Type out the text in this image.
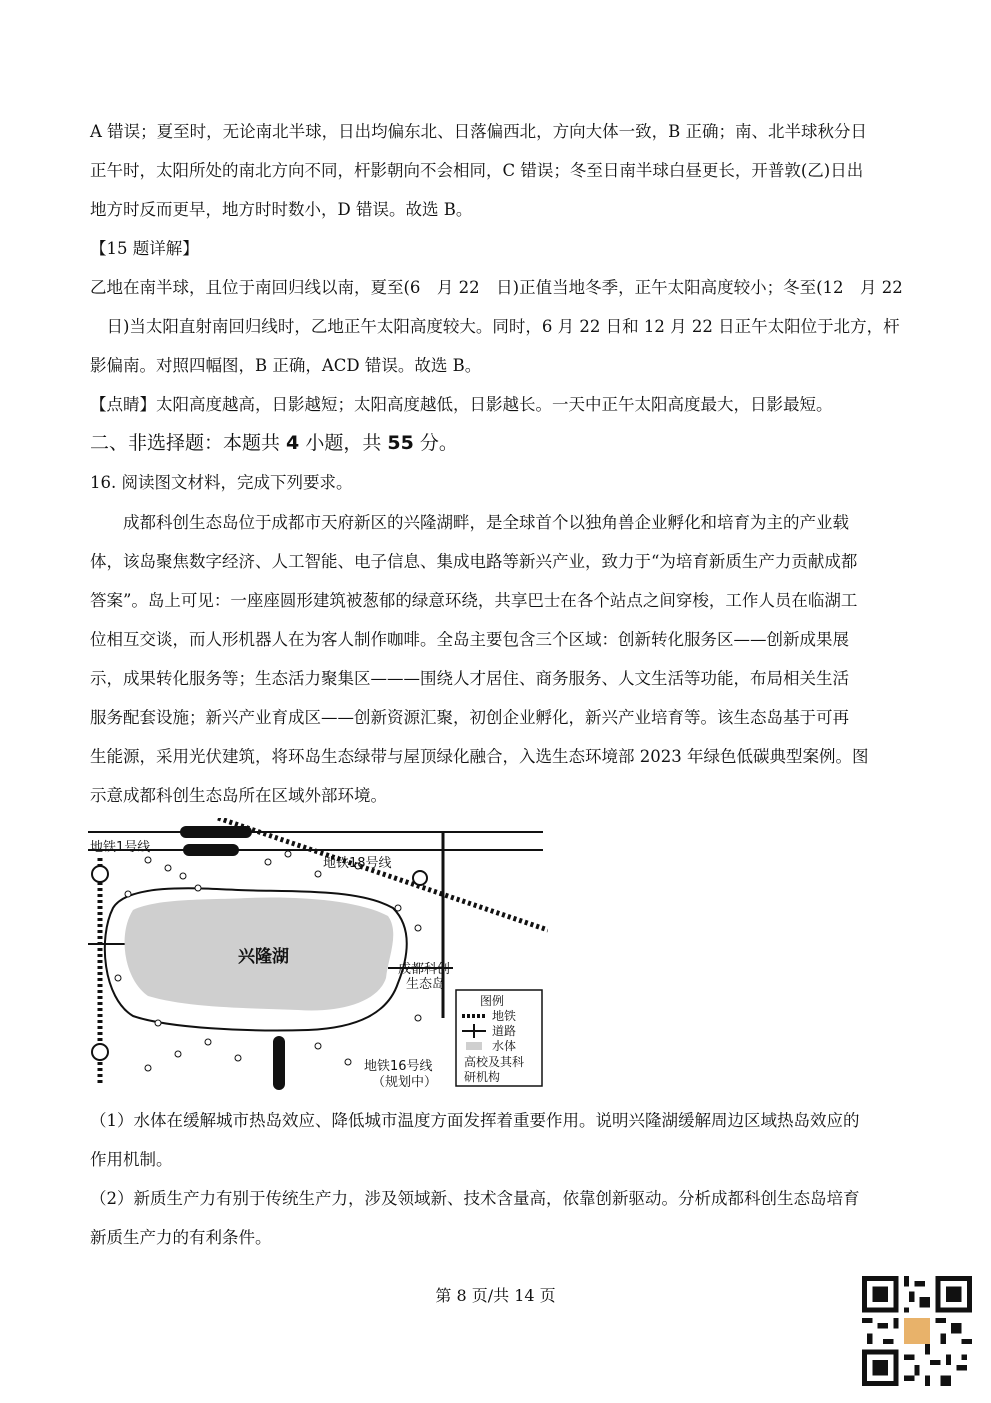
A 错误；夏至时，无论南北半球，日出均偏东北、日落偏西北，方向大体一致，B 正确；南、北半球秋分日
正午时，太阳所处的南北方向不同，杆影朝向不会相同，C 错误；冬至日南半球白昼更长，开普敦(乙)日出
地方时反而更早，地方时时数小，D 错误。故选 B。
【15 题详解】
乙地在南半球，且位于南回归线以南，夏至(6　月 22　日)正值当地冬季，正午太阳高度较小；冬至(12　月 22
　日)当太阳直射南回归线时，乙地正午太阳高度较大。同时，6 月 22 日和 12 月 22 日正午太阳位于北方，杆
影偏南。对照四幅图，B 正确，ACD 错误。故选 B。
【点睛】太阳高度越高，日影越短；太阳高度越低，日影越长。一天中正午太阳高度最大，日影最短。
二、非选择题：本题共 4 小题，共 55 分。
16. 阅读图文材料，完成下列要求。
　　成都科创生态岛位于成都市天府新区的兴隆湖畔，是全球首个以独角兽企业孵化和培育为主的产业载
体，该岛聚焦数字经济、人工智能、电子信息、集成电路等新兴产业，致力于“为培育新质生产力贡献成都
答案”。岛上可见：一座座圆形建筑被葱郁的绿意环绕，共享巴士在各个站点之间穿梭，工作人员在临湖工
位相互交谈，而人形机器人在为客人制作咖啡。全岛主要包含三个区域：创新转化服务区——创新成果展
示，成果转化服务等；生态活力聚集区———围绕人才居住、商务服务、人文生活等功能，布局相关生活
服务配套设施；新兴产业育成区——创新资源汇聚，初创企业孵化，新兴产业培育等。该生态岛基于可再
生能源，采用光伏建筑，将环岛生态绿带与屋顶绿化融合，入选生态环境部 2023 年绿色低碳典型案例。图
示意成都科创生态岛所在区域外部环境。
地铁1号线
地铁18号线
兴隆湖
成都科创
生态岛
地铁16号线
（规划中）
图例
地铁
道路
水体
高校及其科
研机构
（1）水体在缓解城市热岛效应、降低城市温度方面发挥着重要作用。说明兴隆湖缓解周边区域热岛效应的
作用机制。
（2）新质生产力有别于传统生产力，涉及领域新、技术含量高，依靠创新驱动。分析成都科创生态岛培育
新质生产力的有利条件。
第 8 页/共 14 页
